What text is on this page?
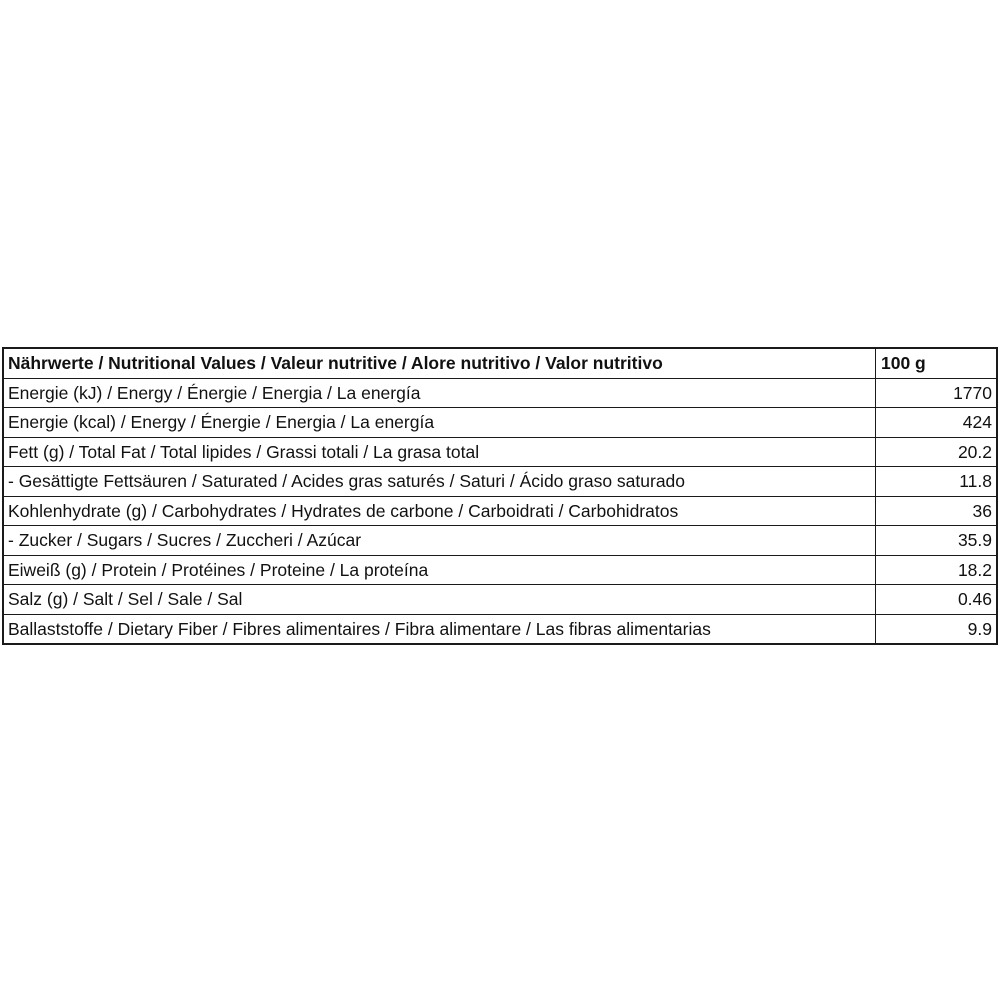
Nährwerte / Nutritional Values / Valeur nutritive / Alore nutritivo / Valor nutritivo	100 g
Energie (kJ) / Energy / Énergie / Energia / La energía	1770
Energie (kcal) / Energy / Énergie / Energia / La energía	424
Fett (g) / Total Fat / Total lipides / Grassi totali / La grasa total	20.2
- Gesättigte Fettsäuren / Saturated / Acides gras saturés / Saturi / Ácido graso saturado	11.8
Kohlenhydrate (g) / Carbohydrates / Hydrates de carbone / Carboidrati / Carbohidratos	36
- Zucker / Sugars / Sucres / Zuccheri / Azúcar	35.9
Eiweiß (g) / Protein / Protéines / Proteine / La proteína	18.2
Salz (g) / Salt / Sel / Sale / Sal	0.46
Ballaststoffe / Dietary Fiber / Fibres alimentaires / Fibra alimentare / Las fibras alimentarias	9.9
